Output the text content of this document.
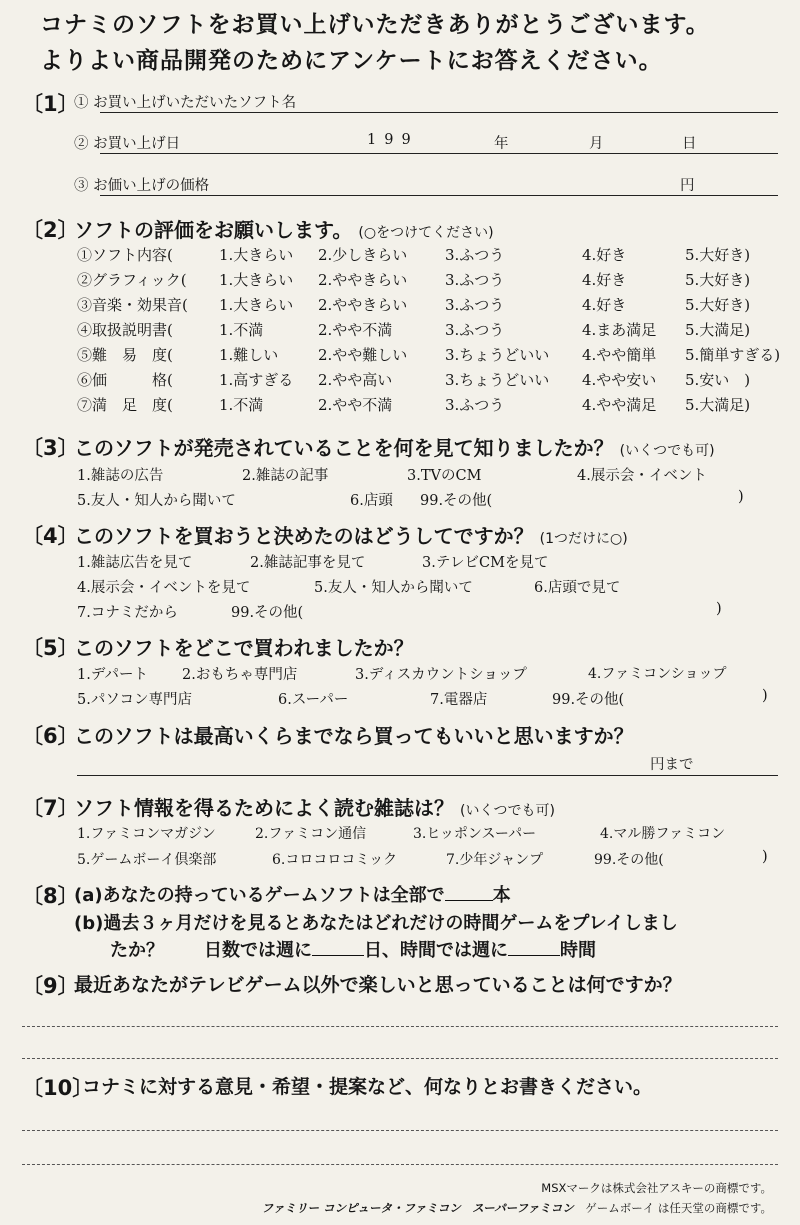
コナミのソフトをお買い上げいただきありがとうございます。
よりよい商品開発のためにアンケートにお答えください。
〔1〕
① お買い上げいただいたソフト名
② お買い上げ日	199	年	月	日
③ お価い上げの価格	円
〔2〕
ソフトの評価をお願いします。 (○をつけてください)
①ソフト内容(	1.大きらい 2.少しきらい	3.ふつう	4.好き	5.大好き)
②グラフィック( 1.大きらい 2.ややきらい	3.ふつう	4.好き	5.大好き)
③音楽・効果音( 1.大きらい 2.ややきらい	3.ふつう	4.好き	5.大好き)
④取扱説明書(	1.不満	2.やや不満	3.ふつう	4.まあ満足 5.大満足)
⑤難　易　度(	1.難しい	2.やや難しい	3.ちょうどいい 4.やや簡単 5.簡単すぎる)
⑥価　　　格(	1.高すぎる 2.やや高い	3.ちょうどいい 4.やや安い 5.安い　)
⑦満　足　度(	1.不満	2.やや不満	3.ふつう	4.やや満足 5.大満足)
〔3〕
このソフトが発売されていることを何を見て知りましたか？ (いくつでも可)
1.雑誌の広告	2.雑誌の記事	3.TVのCM	4.展示会・イベント
5.友人・知人から聞いて	6.店頭 99.その他(	)
〔4〕
このソフトを買おうと決めたのはどうしてですか？ (1つだけに○)
1.雑誌広告を見て	2.雑誌記事を見て	3.テレビCMを見て
4.展示会・イベントを見て	5.友人・知人から聞いて	6.店頭で見て
7.コナミだから	99.その他(	)
〔5〕
このソフトをどこで買われましたか？
1.デパート 2.おもちゃ専門店	3.ディスカウントショップ	4.ファミコンショップ
5.パソコン専門店	6.スーパー	7.電器店	99.その他(	)
〔6〕
このソフトは最高いくらまでなら買ってもいいと思いますか？
円まで
〔7〕
ソフト情報を得るためによく読む雑誌は？ (いくつでも可)
1.ファミコンマガジン	2.ファミコン通信	3.ヒッポンスーパー	4.マル勝ファミコン
5.ゲームボーイ倶楽部	6.コロコロコミック	7.少年ジャンプ	99.その他(	)
〔8〕
(a)あなたの持っているゲームソフトは全部で	本
(b)過去３ヶ月だけを見るとあなたはどれだけの時間ゲームをプレイしまし
たか？ 日数では週に	日、時間では週に	時間
〔9〕
最近あなたがテレビゲーム以外で楽しいと思っていることは何ですか？
〔10〕
コナミに対する意見・希望・提案など、何なりとお書きください。
MSXマークは株式会社アスキーの商標です。
ファミリー コンピュータ・ファミコン　スーパーファミコン　 ゲームボーイ は任天堂の商標です。
